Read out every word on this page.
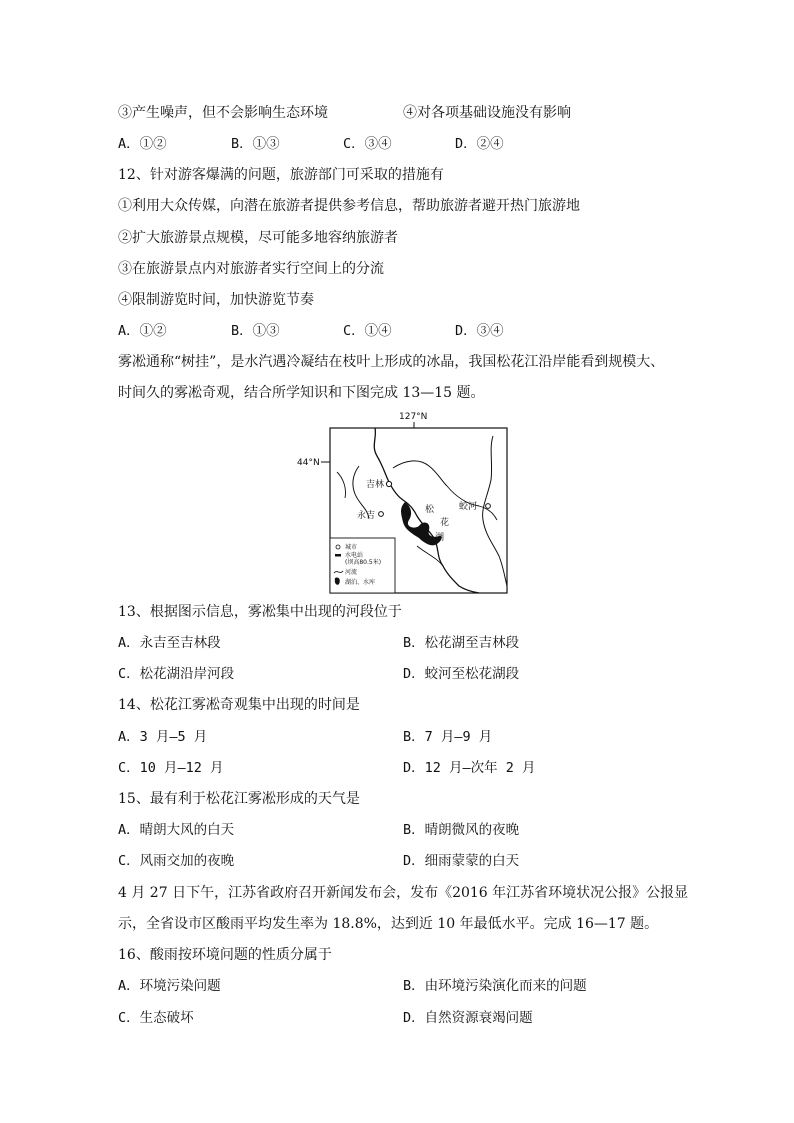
③产生噪声，但不会影响生态环境	④对各项基础设施没有影响
A．①②	B．①③	C．③④	D．②④
12、针对游客爆满的问题，旅游部门可采取的措施有
①利用大众传媒，向潜在旅游者提供参考信息，帮助旅游者避开热门旅游地
②扩大旅游景点规模，尽可能多地容纳旅游者
③在旅游景点内对旅游者实行空间上的分流
④限制游览时间，加快游览节奏
A．①②	B．①③	C．①④	D．③④
雾凇通称“树挂”，是水汽遇冷凝结在枝叶上形成的冰晶，我国松花江沿岸能看到规模大、
时间久的雾凇奇观，结合所学知识和下图完成 13—15 题。
127°N
44°N
吉林
永吉
蛟河
松
花
湖
城市
水电站
(坝高80.5米)
河流
湖泊、水库
13、根据图示信息，雾凇集中出现的河段位于
A．永吉至吉林段	B．松花湖至吉林段
C．松花湖沿岸河段	D．蛟河至松花湖段
14、松花江雾凇奇观集中出现的时间是
A．3 月—5 月	B．7 月—9 月
C．10 月—12 月	D．12 月—次年 2 月
15、最有利于松花江雾凇形成的天气是
A．晴朗大风的白天	B．晴朗微风的夜晚
C．风雨交加的夜晚	D．细雨蒙蒙的白天
4 月 27 日下午，江苏省政府召开新闻发布会，发布《2016 年江苏省环境状况公报》公报显
示，全省设市区酸雨平均发生率为 18.8%，达到近 10 年最低水平。完成 16—17 题。
16、酸雨按环境问题的性质分属于
A．环境污染问题	B．由环境污染演化而来的问题
C．生态破坏	D．自然资源衰竭问题
